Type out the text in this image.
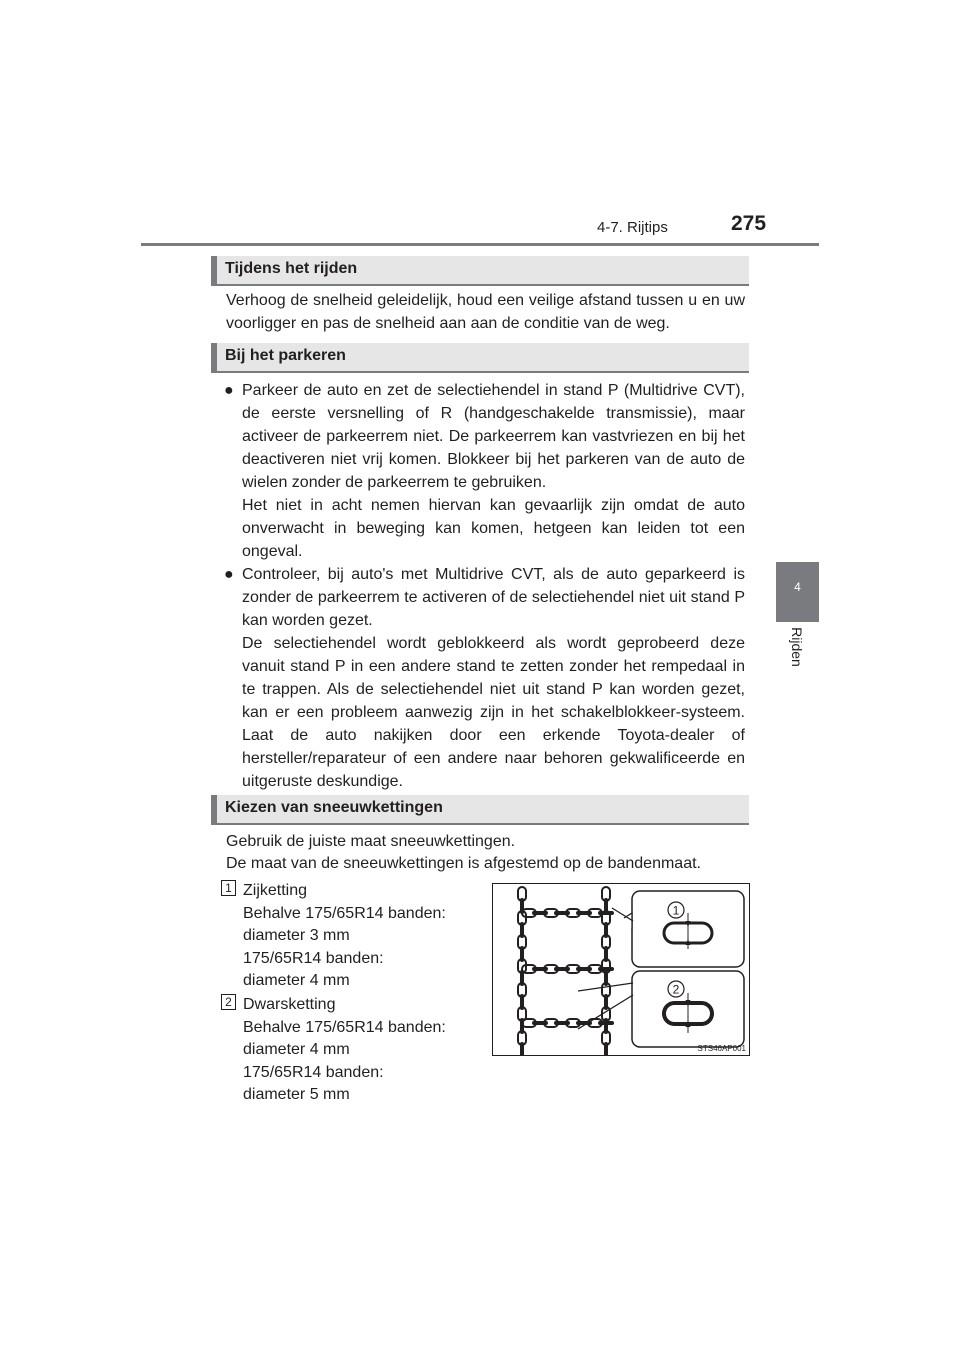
4-7. Rijtips	275
4
Rijden
Tijdens het rijden
Verhoog de snelheid geleidelijk, houd een veilige afstand tussen u en uw voorligger en pas de snelheid aan aan de conditie van de weg.
Bij het parkeren
● Parkeer de auto en zet de selectiehendel in stand P (Multidrive CVT), de eerste versnelling of R (handgeschakelde transmissie), maar activeer de parkeerrem niet. De parkeerrem kan vastvriezen en bij het deactiveren niet vrij komen. Blokkeer bij het parkeren van de auto de wielen zonder de parkeerrem te gebruiken.

Het niet in acht nemen hiervan kan gevaarlijk zijn omdat de auto onverwacht in beweging kan komen, hetgeen kan leiden tot een ongeval.

● Controleer, bij auto's met Multidrive CVT, als de auto geparkeerd is zonder de parkeerrem te activeren of de selectiehendel niet uit stand P kan worden gezet.

De selectiehendel wordt geblokkeerd als wordt geprobeerd deze vanuit stand P in een andere stand te zetten zonder het rempedaal in te trappen. Als de selectiehendel niet uit stand P kan worden gezet, kan er een probleem aanwezig zijn in het schakelblokkeer-systeem. Laat de auto nakijken door een erkende Toyota-dealer of hersteller/reparateur of een andere naar behoren gekwalificeerde en uitgeruste deskundige.

Kiezen van sneeuwkettingen
Gebruik de juiste maat sneeuwkettingen.
De maat van de sneeuwkettingen is afgestemd op de bandenmaat.
1 Zijketting
Behalve 175/65R14 banden:
diameter 3 mm
175/65R14 banden:
diameter 4 mm
2 Dwarsketting
Behalve 175/65R14 banden:
diameter 4 mm
175/65R14 banden:
diameter 5 mm
1
2
STS46AP001
